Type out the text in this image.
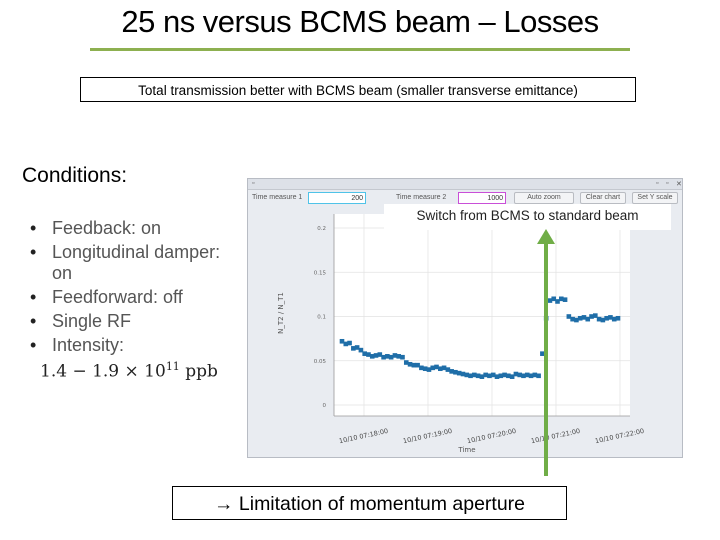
25 ns versus BCMS beam – Losses
Total transmission better with BCMS beam (smaller transverse emittance)
Conditions:
• Feedback: on
• Longitudinal damper:
on
• Feedforward: off
• Single RF
• Intensity:
$1.4 - 1.9 \times 10^{11}$ ppb
▫	▫ ▫ ✕
Time measure 1	200	Time measure 2	1000	Auto zoom	Clear chart	Set Y scale
0
0.05
0.1
0.15
0.2
10/10 07:18:00 10/10 07:19:00 10/10 07:20:00 10/10 07:21:00 10/10 07:22:00
Time
N_T2 / N_T1
Switch from BCMS to standard beam
→ Limitation of momentum aperture
